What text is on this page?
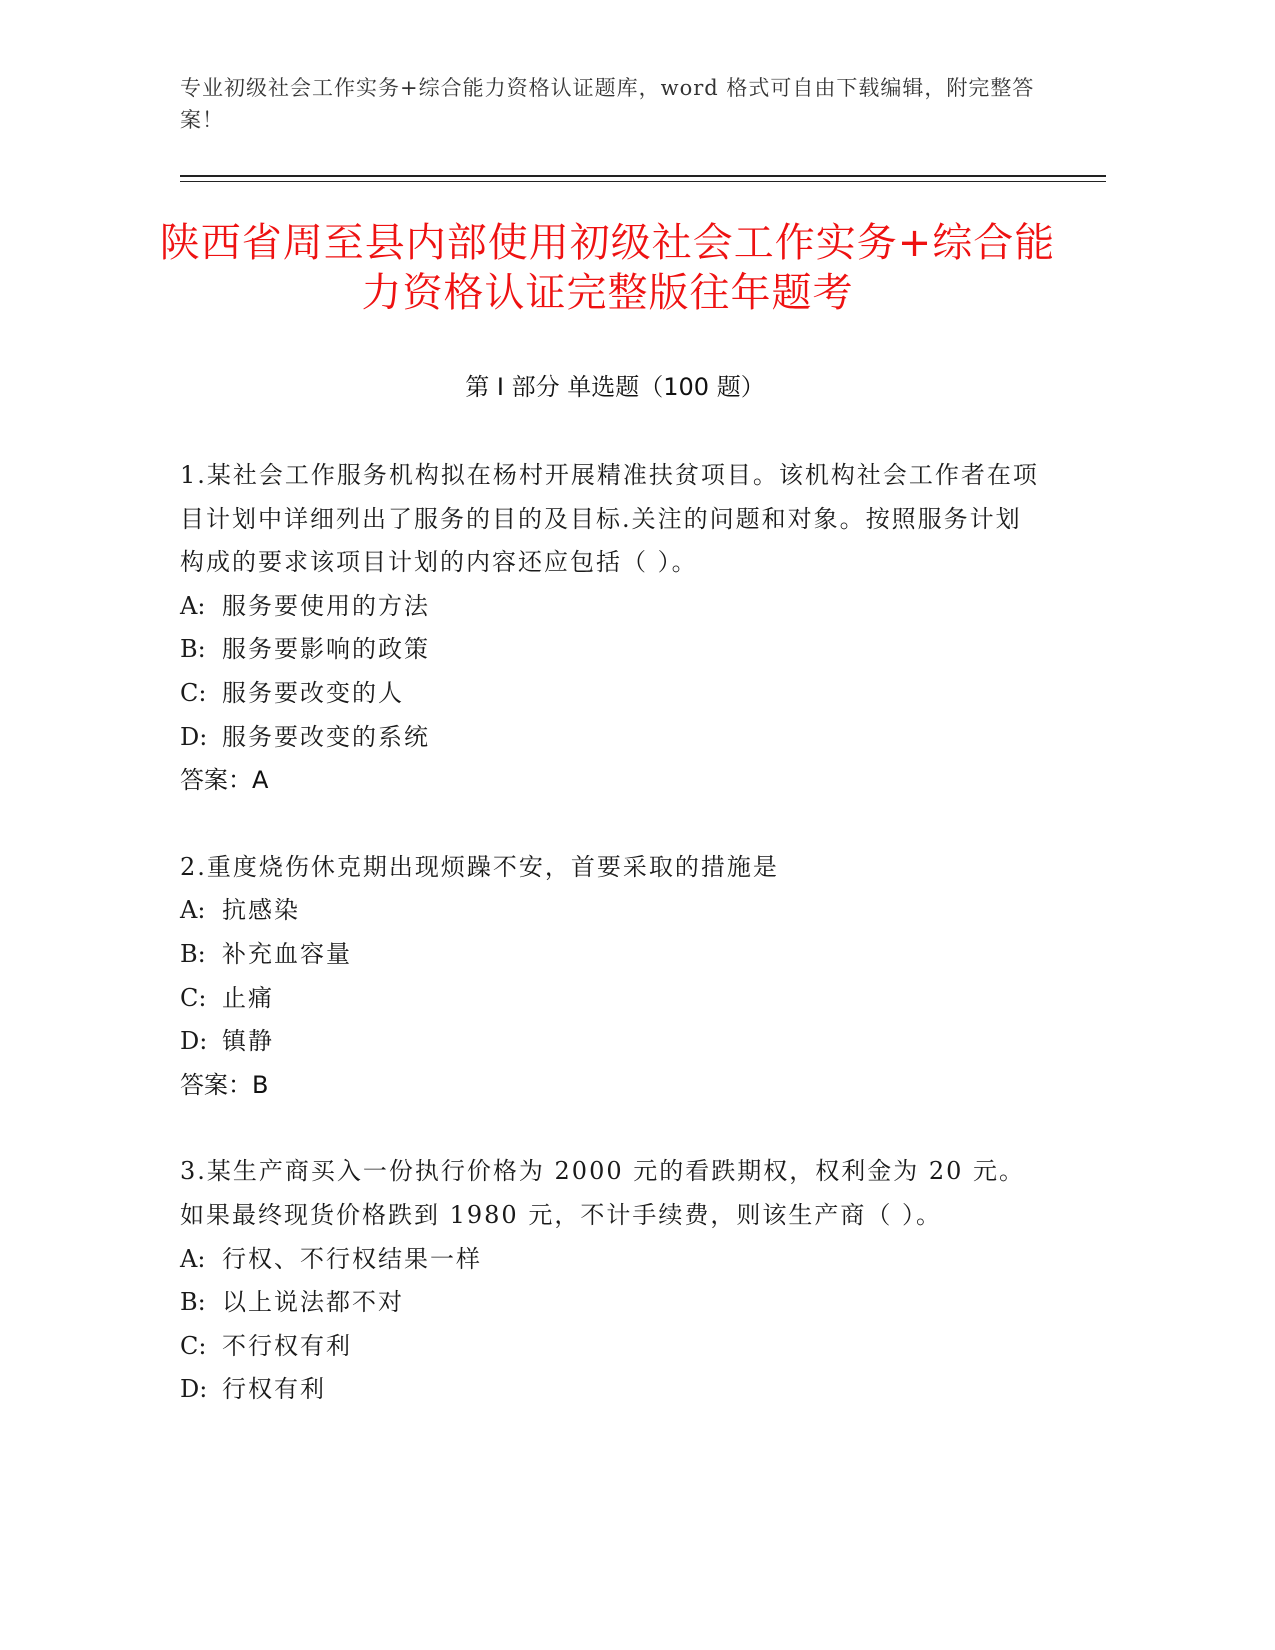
专业初级社会工作实务+综合能力资格认证题库，word 格式可自由下载编辑，附完整答案！
陕西省周至县内部使用初级社会工作实务+综合能力资格认证完整版往年题考
第 I 部分 单选题（100 题）

1.某社会工作服务机构拟在杨村开展精准扶贫项目。该机构社会工作者在项目计划中详细列出了服务的目的及目标.关注的问题和对象。按照服务计划构成的要求该项目计划的内容还应包括（ ）。

A: 服务要使用的方法

B: 服务要影响的政策

C: 服务要改变的人

D: 服务要改变的系统

答案：A

2.重度烧伤休克期出现烦躁不安，首要采取的措施是

A: 抗感染

B: 补充血容量

C: 止痛

D: 镇静

答案：B

3.某生产商买入一份执行价格为 2000 元的看跌期权，权利金为 20 元。如果最终现货价格跌到 1980 元，不计手续费，则该生产商（ ）。

A: 行权、不行权结果一样

B: 以上说法都不对

C: 不行权有利

D: 行权有利
